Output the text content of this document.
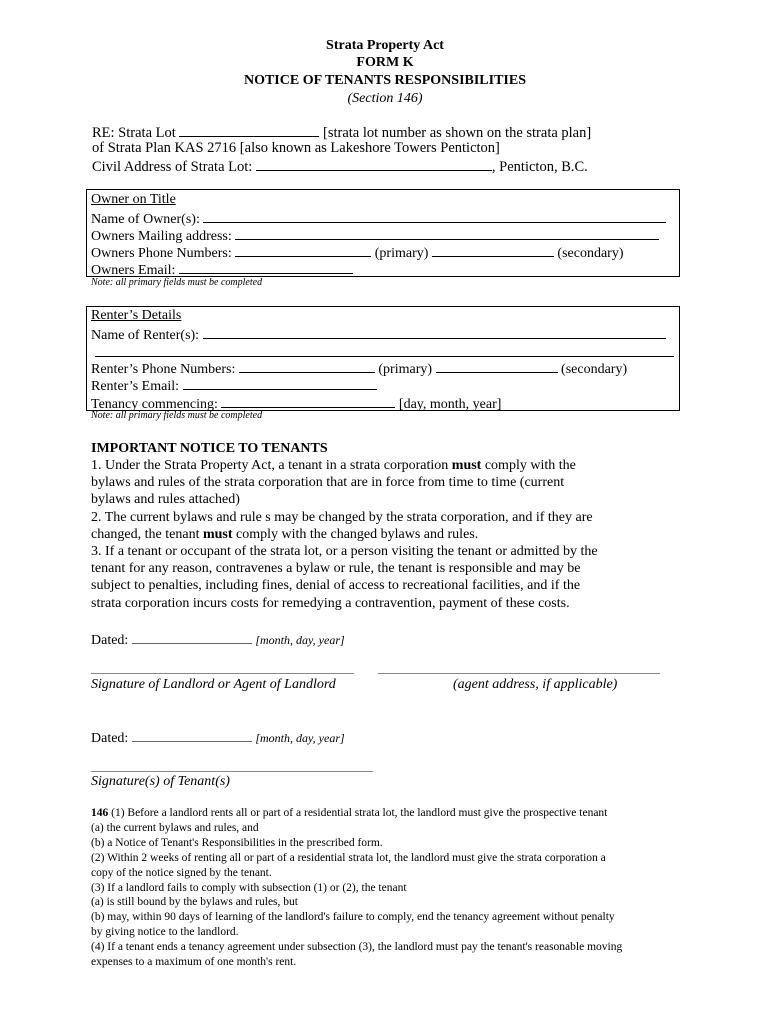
Strata Property Act
FORM K
NOTICE OF TENANTS RESPONSIBILITIES
(Section 146)
RE: Strata Lot	[strata lot number as shown on the strata plan]
of Strata Plan KAS 2716 [also known as Lakeshore Towers Penticton]
Civil Address of Strata Lot:	, Penticton, B.C.
Owner on Title
Name of Owner(s):
Owners Mailing address:
Owners Phone Numbers:	(primary)	(secondary)
Owners Email:
Note: all primary fields must be completed
Renter’s Details
Name of Renter(s):
Renter’s Phone Numbers:	(primary)	(secondary)
Renter’s Email:
Tenancy commencing:	[day, month, year]
Note: all primary fields must be completed
IMPORTANT NOTICE TO TENANTS
1. Under the Strata Property Act, a tenant in a strata corporation must comply with the
bylaws and rules of the strata corporation that are in force from time to time (current
bylaws and rules attached)
2. The current bylaws and rule s may be changed by the strata corporation, and if they are
changed, the tenant must comply with the changed bylaws and rules.
3. If a tenant or occupant of the strata lot, or a person visiting the tenant or admitted by the
tenant for any reason, contravenes a bylaw or rule, the tenant is responsible and may be
subject to penalties, including fines, denial of access to recreational facilities, and if the
strata corporation incurs costs for remedying a contravention, payment of these costs.
Dated:	[month, day, year]
Signature of Landlord or Agent of Landlord	(agent address, if applicable)
Dated:	[month, day, year]
Signature(s) of Tenant(s)
146 (1) Before a landlord rents all or part of a residential strata lot, the landlord must give the prospective tenant
(a) the current bylaws and rules, and
(b) a Notice of Tenant's Responsibilities in the prescribed form.
(2) Within 2 weeks of renting all or part of a residential strata lot, the landlord must give the strata corporation a
copy of the notice signed by the tenant.
(3) If a landlord fails to comply with subsection (1) or (2), the tenant
(a) is still bound by the bylaws and rules, but
(b) may, within 90 days of learning of the landlord's failure to comply, end the tenancy agreement without penalty
by giving notice to the landlord.
(4) If a tenant ends a tenancy agreement under subsection (3), the landlord must pay the tenant's reasonable moving
expenses to a maximum of one month's rent.
